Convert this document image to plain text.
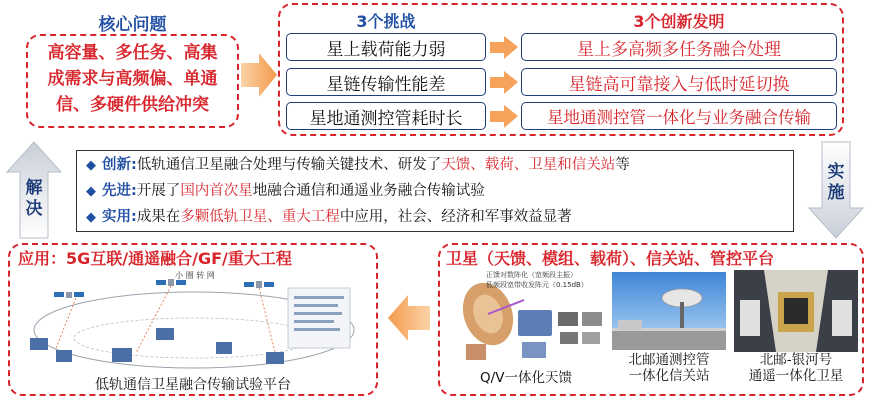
核心问题
高容量、多任务、高集
成需求与高频偏、单通
信、多硬件供给冲突
3个挑战	3个创新发明
星上载荷能力弱
星链传输性能差
星地通测控管耗时长
星上多高频多任务融合处理
星链高可靠接入与低时延切换
星地通测控管一体化与业务融合传输
解决
实施
◆ 创新:低轨通信卫星融合处理与传输关键技术、研发了天馈、载荷、卫星和信关站等
◆ 先进:开展了国内首次星地融合通信和通遥业务融合传输试验
◆ 实用:成果在多颗低轨卫星、重大工程中应用，社会、经济和军事效益显著
应用：5G互联/通遥融合/GF/重大工程
小 圈 转 网
低轨通信卫星融合传输试验平台
卫星（天馈、模组、载荷）、信关站、管控平台
正馈对数阵化（宽频段主振）
低频段宽带收发阵元（0.15dB）
Q/V一体化天馈
北邮通测控管
一体化信关站
北邮-银河号
通遥一体化卫星
